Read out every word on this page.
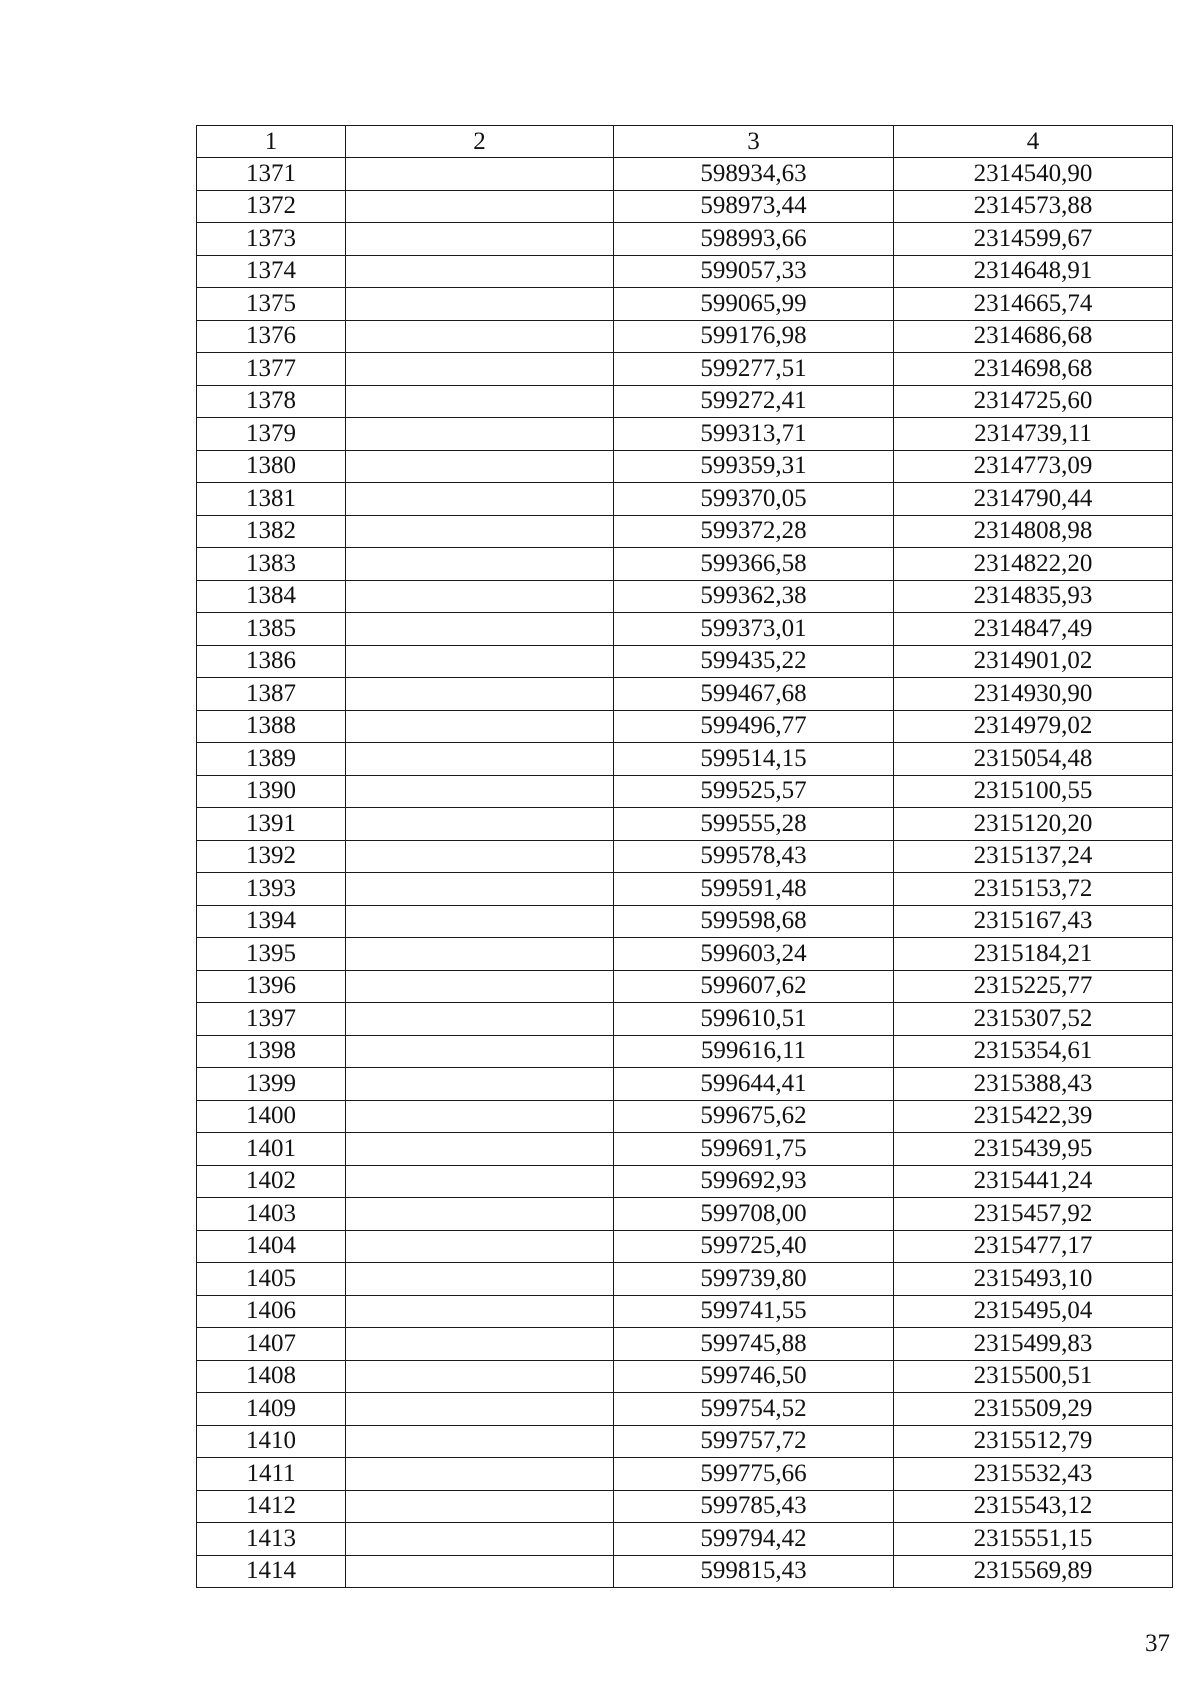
1	2	3	4
1371		598934,63	2314540,90
1372		598973,44	2314573,88
1373		598993,66	2314599,67
1374		599057,33	2314648,91
1375		599065,99	2314665,74
1376		599176,98	2314686,68
1377		599277,51	2314698,68
1378		599272,41	2314725,60
1379		599313,71	2314739,11
1380		599359,31	2314773,09
1381		599370,05	2314790,44
1382		599372,28	2314808,98
1383		599366,58	2314822,20
1384		599362,38	2314835,93
1385		599373,01	2314847,49
1386		599435,22	2314901,02
1387		599467,68	2314930,90
1388		599496,77	2314979,02
1389		599514,15	2315054,48
1390		599525,57	2315100,55
1391		599555,28	2315120,20
1392		599578,43	2315137,24
1393		599591,48	2315153,72
1394		599598,68	2315167,43
1395		599603,24	2315184,21
1396		599607,62	2315225,77
1397		599610,51	2315307,52
1398		599616,11	2315354,61
1399		599644,41	2315388,43
1400		599675,62	2315422,39
1401		599691,75	2315439,95
1402		599692,93	2315441,24
1403		599708,00	2315457,92
1404		599725,40	2315477,17
1405		599739,80	2315493,10
1406		599741,55	2315495,04
1407		599745,88	2315499,83
1408		599746,50	2315500,51
1409		599754,52	2315509,29
1410		599757,72	2315512,79
1411		599775,66	2315532,43
1412		599785,43	2315543,12
1413		599794,42	2315551,15
1414		599815,43	2315569,89
37
